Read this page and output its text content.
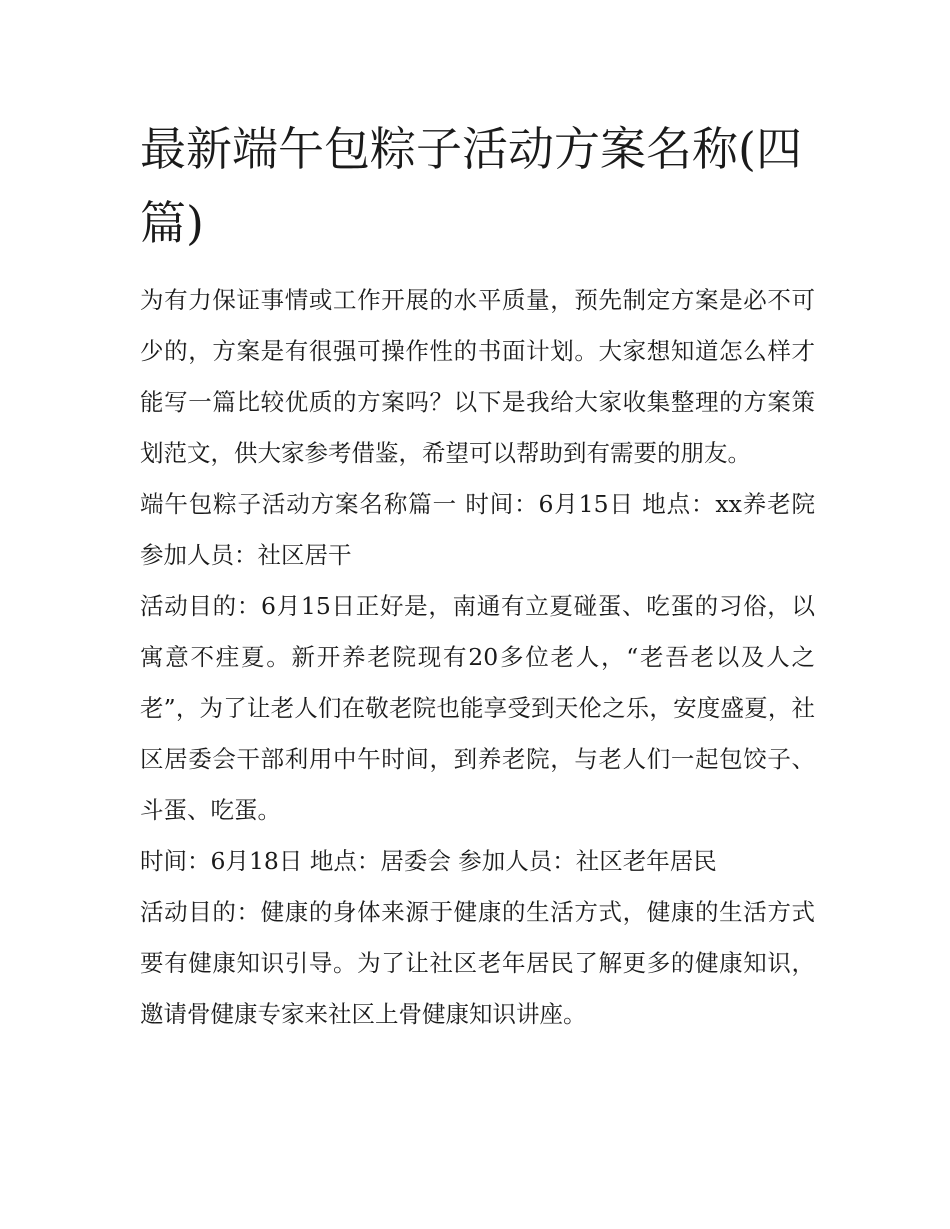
最新端午包粽子活动方案名称(四篇)

为有力保证事情或工作开展的水平质量，预先制定方案是必不可少的，方案是有很强可操作性的书面计划。大家想知道怎么样才能写一篇比较优质的方案吗？以下是我给大家收集整理的方案策划范文，供大家参考借鉴，希望可以帮助到有需要的朋友。

端午包粽子活动方案名称篇一 时间：6月15日 地点：xx养老院 参加人员：社区居干

活动目的：6月15日正好是，南通有立夏碰蛋、吃蛋的习俗，以寓意不疰夏。新开养老院现有20多位老人，“老吾老以及人之老”，为了让老人们在敬老院也能享受到天伦之乐，安度盛夏，社区居委会干部利用中午时间，到养老院，与老人们一起包饺子、斗蛋、吃蛋。

时间：6月18日 地点：居委会 参加人员：社区老年居民

活动目的：健康的身体来源于健康的生活方式，健康的生活方式要有健康知识引导。为了让社区老年居民了解更多的健康知识，邀请骨健康专家来社区上骨健康知识讲座。
